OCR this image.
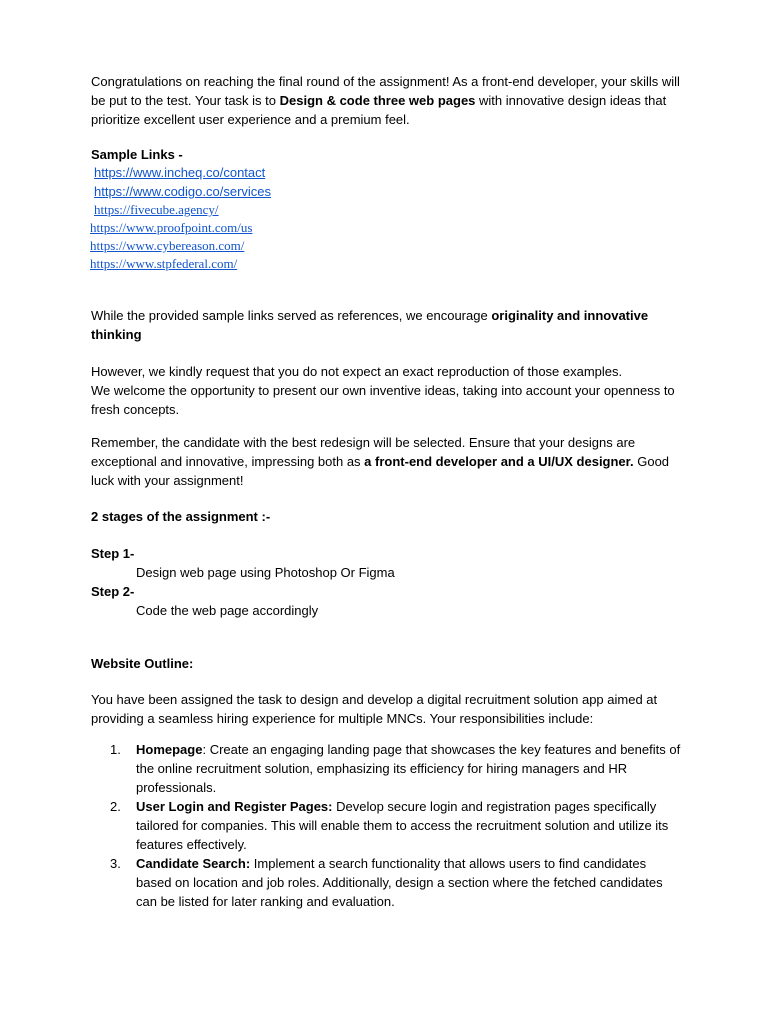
Congratulations on reaching the final round of the assignment! As a front-end developer, your skills will be put to the test. Your task is to Design & code three web pages with innovative design ideas that prioritize excellent user experience and a premium feel.

Sample Links -

https://www.incheq.co/contact
https://www.codigo.co/services
https://fivecube.agency/
https://www.proofpoint.com/us
https://www.cybereason.com/
https://www.stpfederal.com/

While the provided sample links served as references, we encourage originality and innovative thinking

However, we kindly request that you do not expect an exact reproduction of those examples.
We welcome the opportunity to present our own inventive ideas, taking into account your openness to fresh concepts.

Remember, the candidate with the best redesign will be selected. Ensure that your designs are exceptional and innovative, impressing both as a front-end developer and a UI/UX designer. Good luck with your assignment!

2 stages of the assignment :-

Step 1-

Design web page using Photoshop Or Figma

Step 2-

Code the web page accordingly

Website Outline:

You have been assigned the task to design and develop a digital recruitment solution app aimed at providing a seamless hiring experience for multiple MNCs. Your responsibilities include:

1. Homepage: Create an engaging landing page that showcases the key features and benefits of the online recruitment solution, emphasizing its efficiency for hiring managers and HR professionals.
2. User Login and Register Pages: Develop secure login and registration pages specifically tailored for companies. This will enable them to access the recruitment solution and utilize its features effectively.
3. Candidate Search: Implement a search functionality that allows users to find candidates based on location and job roles. Additionally, design a section where the fetched candidates can be listed for later ranking and evaluation.
